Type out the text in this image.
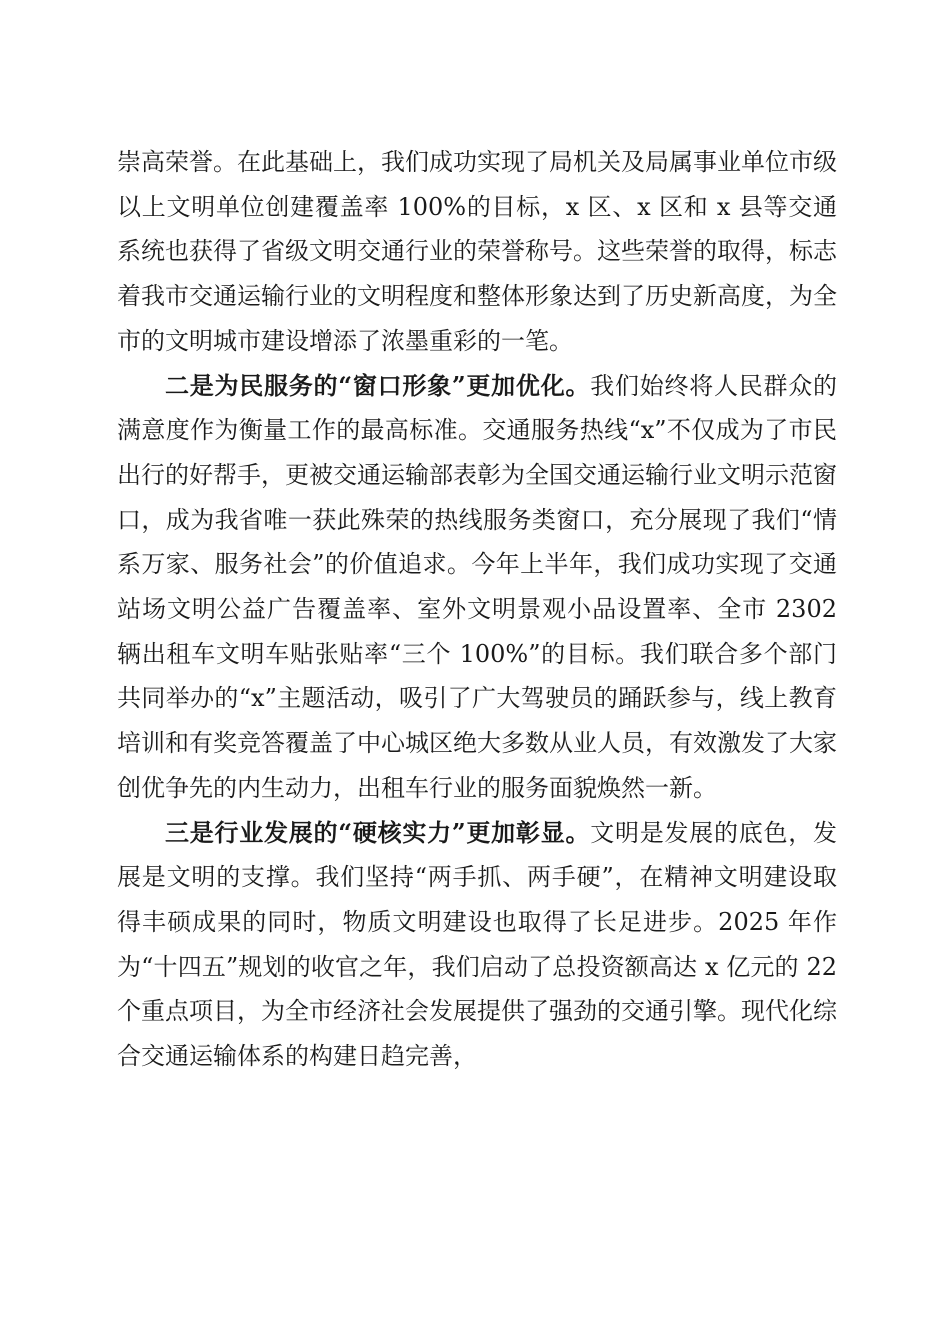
崇高荣誉。在此基础上，我们成功实现了局机关及局属事业单位市级以上文明单位创建覆盖率 100%的目标，x 区、x 区和 x 县等交通系统也获得了省级文明交通行业的荣誉称号。这些荣誉的取得，标志着我市交通运输行业的文明程度和整体形象达到了历史新高度，为全市的文明城市建设增添了浓墨重彩的一笔。

二是为民服务的“窗口形象”更加优化。我们始终将人民群众的满意度作为衡量工作的最高标准。交通服务热线“x”不仅成为了市民出行的好帮手，更被交通运输部表彰为全国交通运输行业文明示范窗口，成为我省唯一获此殊荣的热线服务类窗口，充分展现了我们“情系万家、服务社会”的价值追求。今年上半年，我们成功实现了交通站场文明公益广告覆盖率、室外文明景观小品设置率、全市 2302 辆出租车文明车贴张贴率“三个 100%”的目标。我们联合多个部门共同举办的“x”主题活动，吸引了广大驾驶员的踊跃参与，线上教育培训和有奖竞答覆盖了中心城区绝大多数从业人员，有效激发了大家创优争先的内生动力，出租车行业的服务面貌焕然一新。

三是行业发展的“硬核实力”更加彰显。文明是发展的底色，发展是文明的支撑。我们坚持“两手抓、两手硬”，在精神文明建设取得丰硕成果的同时，物质文明建设也取得了长足进步。2025 年作为“十四五”规划的收官之年，我们启动了总投资额高达 x 亿元的 22 个重点项目，为全市经济社会发展提供了强劲的交通引擎。现代化综合交通运输体系的构建日趋完善，
